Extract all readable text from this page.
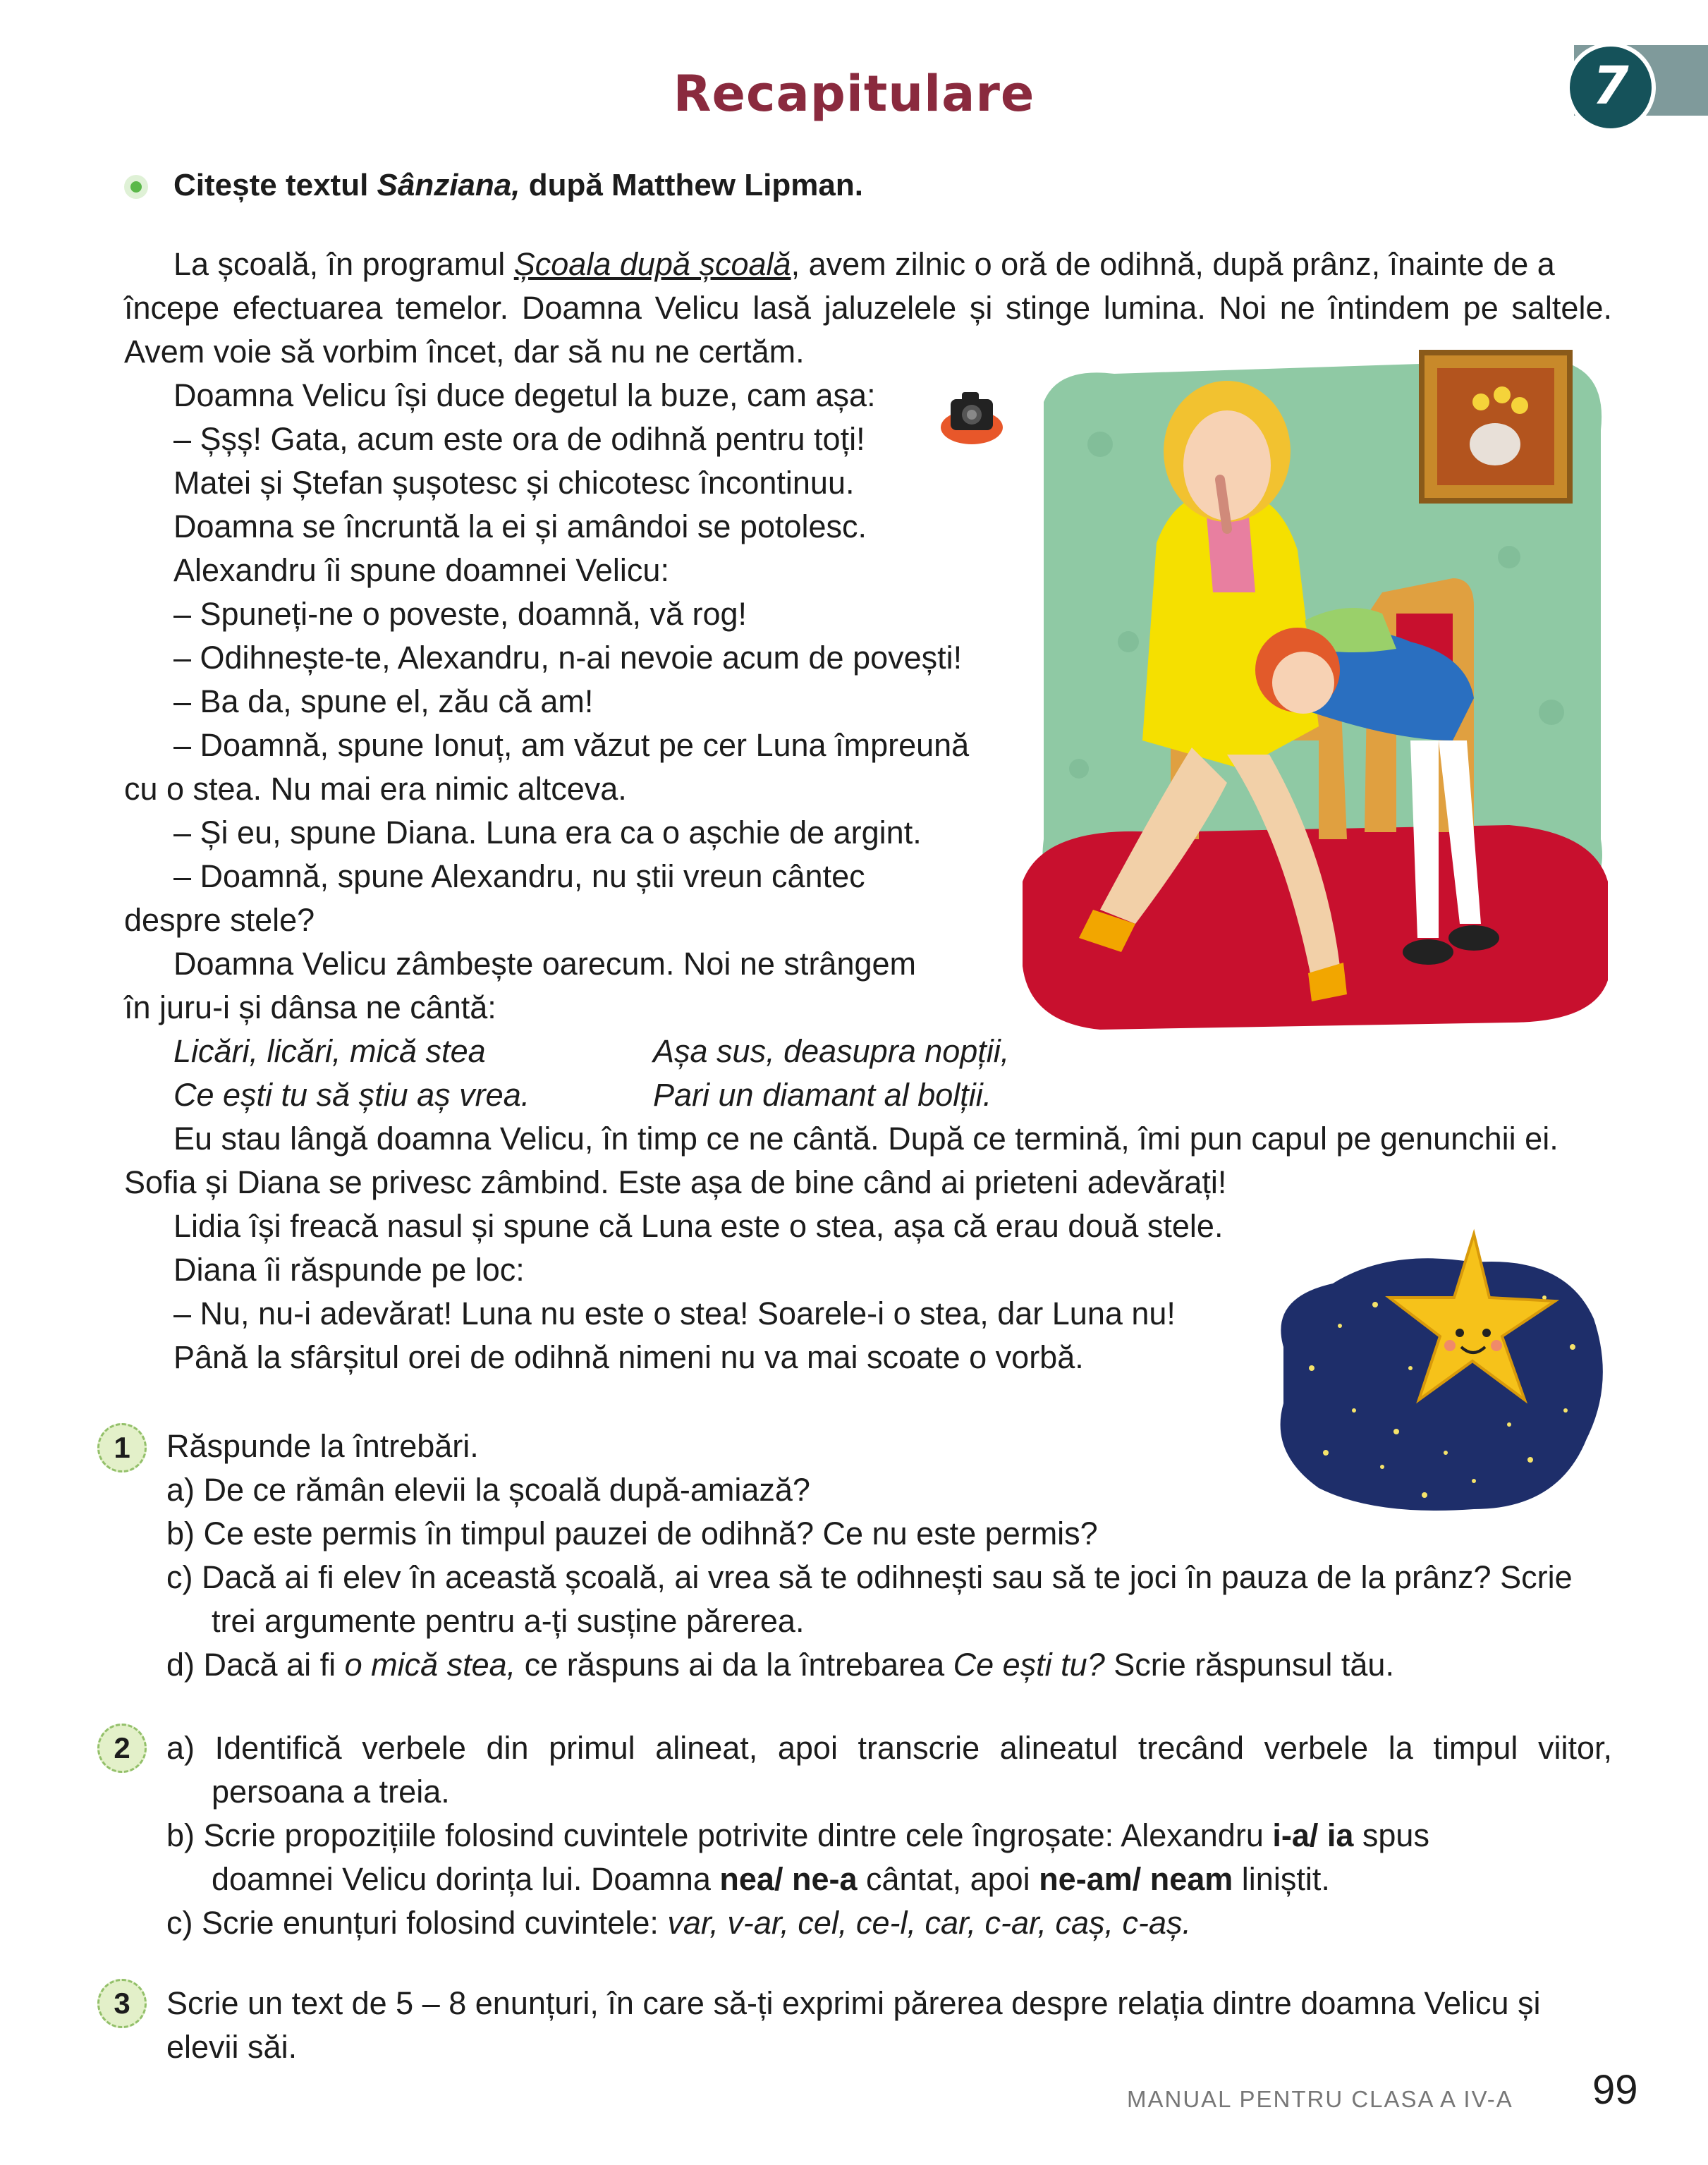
7
Recapitulare
Citește textul Sânziana, după Matthew Lipman.
La școală, în programul Școala după școală, avem zilnic o oră de odihnă, după prânz, înainte de a
începe efectuarea temelor. Doamna Velicu lasă jaluzelele și stinge lumina. Noi ne întindem pe saltele.
Avem voie să vorbim încet, dar să nu ne certăm.
Doamna Velicu își duce degetul la buze, cam așa:
– Șșș! Gata, acum este ora de odihnă pentru toți!
Matei și Ștefan șușotesc și chicotesc încontinuu.
Doamna se încruntă la ei și amândoi se potolesc.
Alexandru îi spune doamnei Velicu:
– Spuneți-ne o poveste, doamnă, vă rog!
– Odihnește-te, Alexandru, n-ai nevoie acum de povești!
– Ba da, spune el, zău că am!
– Doamnă, spune Ionuț, am văzut pe cer Luna împreună
cu o stea. Nu mai era nimic altceva.
– Și eu, spune Diana. Luna era ca o așchie de argint.
– Doamnă, spune Alexandru, nu știi vreun cântec
despre stele?
Doamna Velicu zâmbește oarecum. Noi ne strângem
în juru-i și dânsa ne cântă:
Licări, licări, mică stea	Așa sus, deasupra nopții,
Ce ești tu să știu aș vrea.	Pari un diamant al bolții.
Eu stau lângă doamna Velicu, în timp ce ne cântă. După ce termină, îmi pun capul pe genunchii ei.
Sofia și Diana se privesc zâmbind. Este așa de bine când ai prieteni adevărați!
Lidia își freacă nasul și spune că Luna este o stea, așa că erau două stele.
Diana îi răspunde pe loc:
– Nu, nu-i adevărat! Luna nu este o stea! Soarele-i o stea, dar Luna nu!
Până la sfârșitul orei de odihnă nimeni nu va mai scoate o vorbă.
1	Răspunde la întrebări.
a) De ce rămân elevii la școală după-amiază?
b) Ce este permis în timpul pauzei de odihnă? Ce nu este permis?
c) Dacă ai fi elev în această școală, ai vrea să te odihnești sau să te joci în pauza de la prânz? Scrie
trei argumente pentru a-ți susține părerea.
d) Dacă ai fi o mică stea, ce răspuns ai da la întrebarea Ce ești tu? Scrie răspunsul tău.
2	a) Identifică verbele din primul alineat, apoi transcrie alineatul trecând verbele la timpul viitor,
persoana a treia.
b) Scrie propozițiile folosind cuvintele potrivite dintre cele îngroșate: Alexandru i-a/ ia spus
doamnei Velicu dorința lui. Doamna nea/ ne-a cântat, apoi ne-am/ neam liniștit.
c) Scrie enunțuri folosind cuvintele: var, v-ar, cel, ce-l, car, c-ar, caș, c-aș.
3	Scrie un text de 5 – 8 enunțuri, în care să-ți exprimi părerea despre relația dintre doamna Velicu și
elevii săi.
MANUAL PENTRU CLASA A IV-A 99
